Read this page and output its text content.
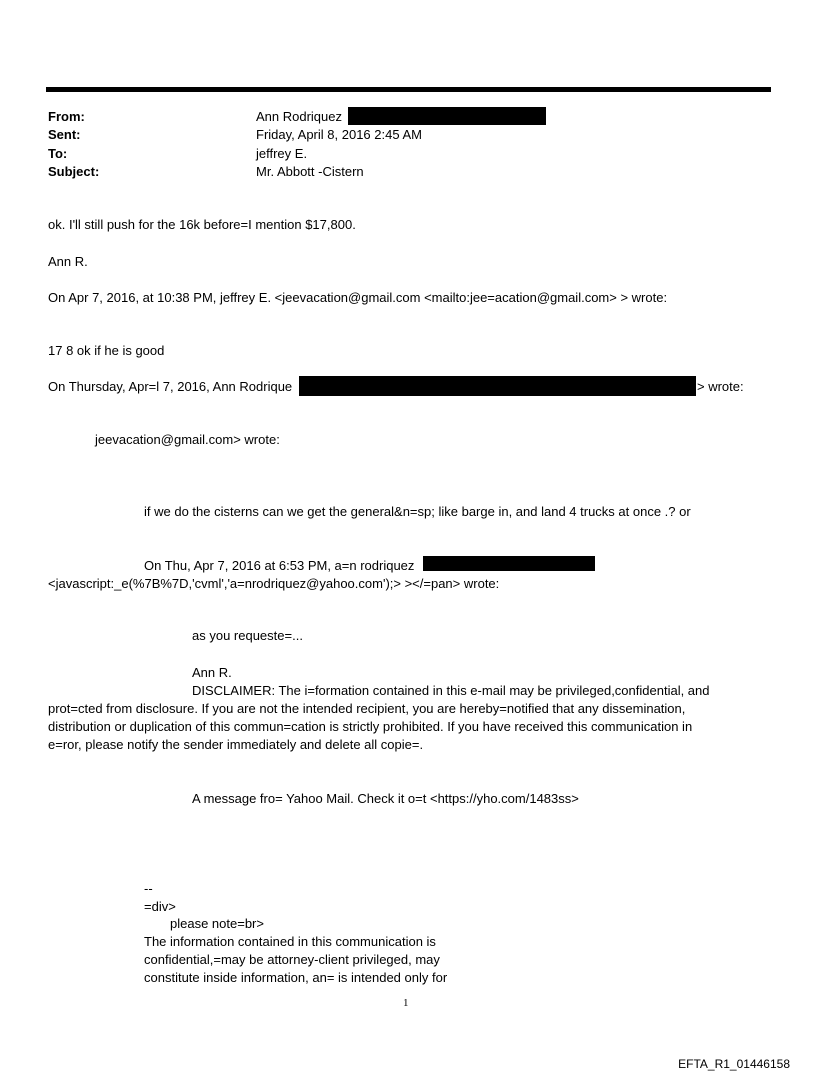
From:	Ann Rodriquez
Sent:	Friday, April 8, 2016 2:45 AM
To:	jeffrey E.
Subject:	Mr. Abbott -Cistern
ok. I'll still push for the 16k before=I mention $17,800.
Ann R.
On Apr 7, 2016, at 10:38 PM, jeffrey E. <jeevacation@gmail.com <mailto:jee=acation@gmail.com> > wrote:
17 8 ok if he is good
On Thursday, Apr=l 7, 2016, Ann Rodrique	> wrote:
jeevacation@gmail.com> wrote:
if we do the cisterns can we get the general&n=sp; like barge in, and land 4 trucks at once .? or
On Thu, Apr 7, 2016 at 6:53 PM, a=n rodriquez
<javascript:_e(%7B%7D,'cvml','a=nrodriquez@yahoo.com');> ></=pan> wrote:
as you requeste=...
Ann R.
DISCLAIMER: The i=formation contained in this e-mail may be privileged,confidential, and
prot=cted from disclosure. If you are not the intended recipient, you are hereby=notified that any dissemination,
distribution or duplication of this commun=cation is strictly prohibited. If you have received this communication in
e=ror, please notify the sender immediately and delete all copie=.
A message fro= Yahoo Mail. Check it o=t <https://yho.com/1483ss>
--
=div>
please note=br>
The information contained in this communication is
confidential,=may be attorney-client privileged, may
constitute inside information, an= is intended only for
1
EFTA_R1_01446158
